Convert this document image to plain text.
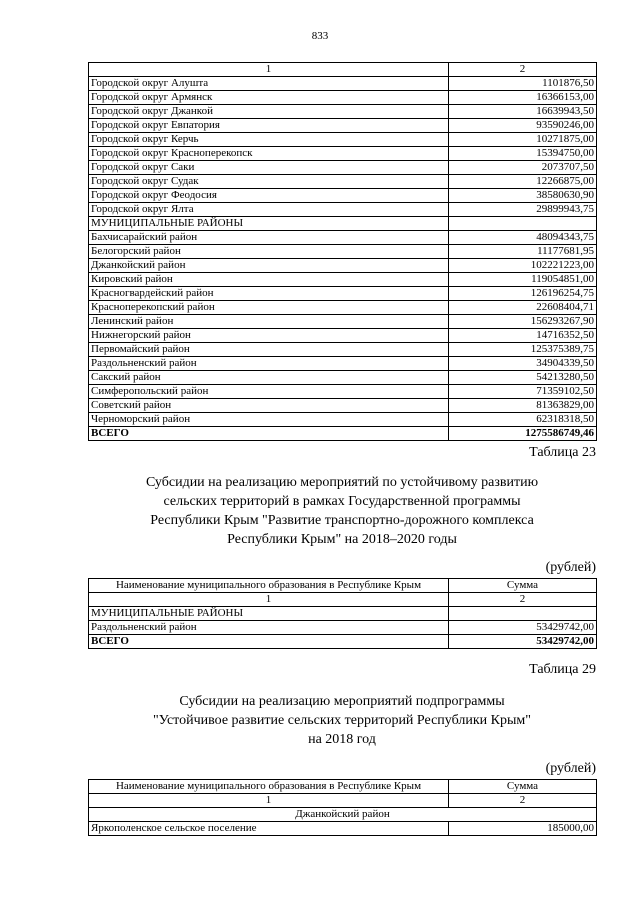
833
1	2
Городской округ Алушта	1101876,50
Городской округ Армянск	16366153,00
Городской округ Джанкой	16639943,50
Городской округ Евпатория	93590246,00
Городской округ Керчь	10271875,00
Городской округ Красноперекопск	15394750,00
Городской округ Саки	2073707,50
Городской округ Судак	12266875,00
Городской округ Феодосия	38580630,90
Городской округ Ялта	29899943,75
МУНИЦИПАЛЬНЫЕ РАЙОНЫ	
Бахчисарайский район	48094343,75
Белогорский район	11177681,95
Джанкойский район	102221223,00
Кировский район	119054851,00
Красногвардейский район	126196254,75
Красноперекопский район	22608404,71
Ленинский район	156293267,90
Нижнегорский район	14716352,50
Первомайский район	125375389,75
Раздольненский район	34904339,50
Сакский район	54213280,50
Симферопольский район	71359102,50
Советский район	81363829,00
Черноморский район	62318318,50
ВСЕГО	1275586749,46
Таблица 23
Субсидии на реализацию мероприятий по устойчивому развитию
сельских территорий в рамках Государственной программы
Республики Крым "Развитие транспортно-дорожного комплекса
Республики Крым" на 2018–2020 годы
(рублей)
Наименование муниципального образования в Республике Крым	Сумма
1	2
МУНИЦИПАЛЬНЫЕ РАЙОНЫ	
Раздольненский район	53429742,00
ВСЕГО	53429742,00
Таблица 29
Субсидии на реализацию мероприятий подпрограммы
"Устойчивое развитие сельских территорий Республики Крым"
на 2018 год
(рублей)
Наименование муниципального образования в Республике Крым	Сумма
1	2
Джанкойский район	
Яркополенское сельское поселение	185000,00
